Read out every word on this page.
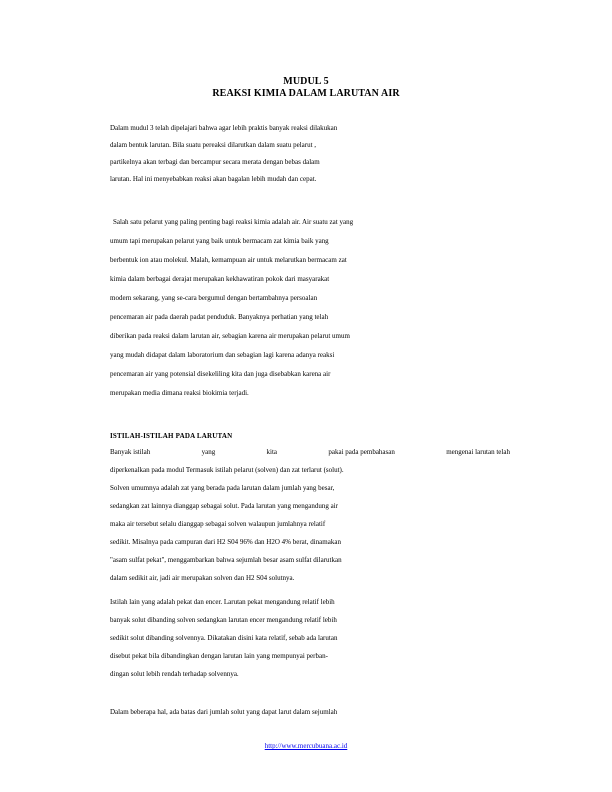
MUDUL 5
REAKSI KIMIA DALAM LARUTAN AIR
Dalam mudul 3 telah dipelajari bahwa agar lebih praktis banyak reaksi dilakukan
dalam bentuk larutan. Bila suatu pereaksi dilarutkan dalam suatu pelarut ,
partikelnya akan terbagi dan bercampur secara merata dengan bebas dalam
larutan. Hal ini menyebabkan reaksi akan bagalan lebih mudah dan cepat.
Salah satu pelarut yang paling penting bagi reaksi kimia adalah air. Air suatu zat yang
umum tapi merupakan pelarut yang baik untuk bermacam zat kimia baik yang
berbentuk ion atau molekul. Malah, kemampuan air untuk melarutkan bermacam zat
kimia dalam berbagai derajat merupakan kekhawatiran pokok dari masyarakat
modern sekarang, yang se-cara bergumul dengan bertambahnya persoalan
pencemaran air pada daerah padat penduduk. Banyaknya perhatian yang telah
diberikan pada reaksi dalam larutan air, sebagian karena air merupakan pelarut umum
yang mudah didapat dalam laboratorium dan sebagian lagi karena adanya reaksi
pencemaran air yang potensial disekeliling kita dan juga disebabkan karena air
merupakan media dimana reaksi biokimia terjadi.
ISTILAH-ISTILAH PADA LARUTAN
Banyak istilah	yang	kita	pakai pada pembahasan	mengenai larutan telah
diperkenalkan pada modul Termasuk istilah pelarut (solven) dan zat terlarut (solut).
Solven umumnya adalah zat yang berada pada larutan dalam jumlah yang besar,
sedangkan zat lainnya dianggap sebagai solut. Pada larutan yang mengandung air
maka air tersebut selalu dianggap sebagai solven walaupun jumlahnya relatif
sedikit. Misalnya pada campuran dari H2 S04 96% dan H2O 4% berat, dinamakan
"asam sulfat pekat", menggambarkan bahwa sejumlah besar asam sulfat dilarutkan
dalam sedikit air, jadi air merupakan solven dan H2 S04 solutnya.
Istilah lain yang adalah pekat dan encer. Larutan pekat mengandung relatif lebih
banyak solut dibanding solven sedangkan larutan encer mengandung relatif lebih
sedikit solut dibanding solvennya. Dikatakan disini kata relatif, sebab ada larutan
disebut pekat bila dibandingkan dengan larutan lain yang mempunyai perban-
dingan solut lebih rendah terhadap solvennya.
Dalam beberapa hal, ada batas dari jumlah solut yang dapat larut dalam sejumlah
http://www.mercubuana.ac.id
